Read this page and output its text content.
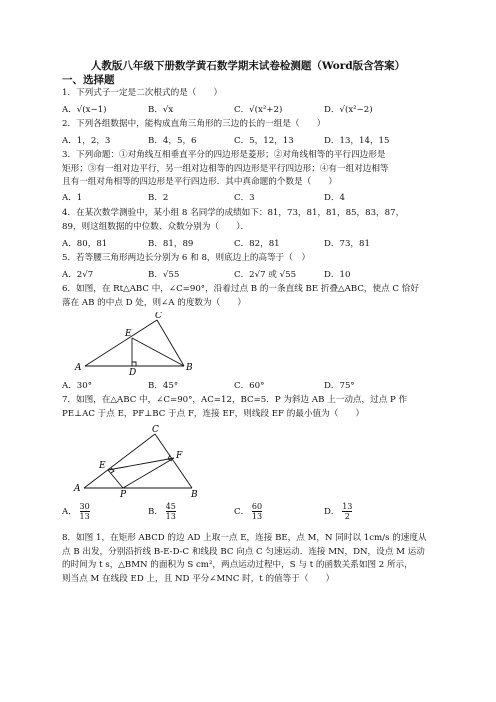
人教版八年级下册数学黄石数学期末试卷检测题（Word版含答案）
一、选择题
1．下列式子一定是二次根式的是（　　）
A．√(x−1)	B．√x	C．√(x²+2)	D．√(x²−2)
2．下列各组数据中，能构成直角三角形的三边的长的一组是（　　）
A．1，2，3	B．4，5，6	C．5，12，13	D．13，14，15
3．下列命题：①对角线互相垂直平分的四边形是菱形；②对角线相等的平行四边形是
矩形；③有一组对边平行，另一组对边相等的四边形是平行四边形；④有一组对边相等
且有一组对角相等的四边形是平行四边形．其中真命题的个数是（　　）
A．1	B．2	C．3	D．4
4．在某次数学测验中，某小组 8 名同学的成绩如下：81，73，81，81，85，83，87，
89，则这组数据的中位数、众数分别为（　　）．
A．80，81	B．81，89	C．82，81	D．73，81
5．若等腰三角形两边长分别为 6 和 8，则底边上的高等于（　）
A．2√7	B．√55	C．2√7 或 √55	D．10
6．如图，在 Rt△ABC 中，∠C=90°，沿着过点 B 的一条直线 BE 折叠△ABC，使点 C 恰好
落在 AB 的中点 D 处，则∠A 的度数为（　　）
C
E
A	D	B
A．30°	B．45°	C．60°	D．75°
7．如图，在△ABC 中，∠C=90°，AC=12，BC=5．P 为斜边 AB 上一动点，过点 P 作
PE⊥AC 于点 E，PF⊥BC 于点 F，连接 EF，则线段 EF 的最小值为（　　）
C
F
E
A
P	B
A． $\frac{30}{13}$	B． $\frac{45}{13}$	C． $\frac{60}{13}$	D． $\frac{13}{2}$
8．如图 1，在矩形 ABCD 的边 AD 上取一点 E，连接 BE，点 M，N 同时以 1cm/s 的速度从
点 B 出发，分别沿折线 B-E-D-C 和线段 BC 向点 C 匀速运动．连接 MN，DN，设点 M 运动
的时间为 t s，△BMN 的面积为 S cm²，两点运动过程中，S 与 t 的函数关系如图 2 所示，
则当点 M 在线段 ED 上，且 ND 平分∠MNC 时，t 的值等于（　　）
